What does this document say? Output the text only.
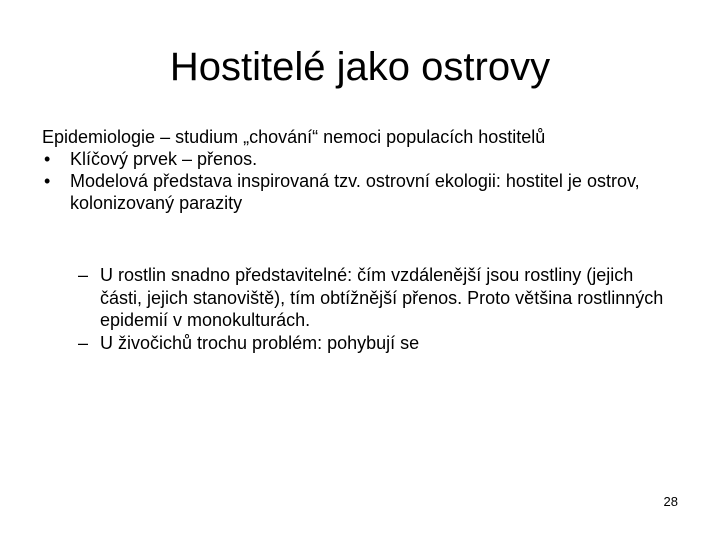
Hostitelé jako ostrovy

Epidemiologie – studium „chování“ nemoci populacích hostitelů

• Klíčový prvek – přenos.
• Modelová představa inspirovaná tzv. ostrovní ekologii: hostitel je ostrov, kolonizovaný parazity
– U rostlin snadno představitelné: čím vzdálenější jsou rostliny (jejich části, jejich stanoviště), tím obtížnější přenos. Proto většina rostlinných epidemií v monokulturách.
– U živočichů trochu problém: pohybují se
28
